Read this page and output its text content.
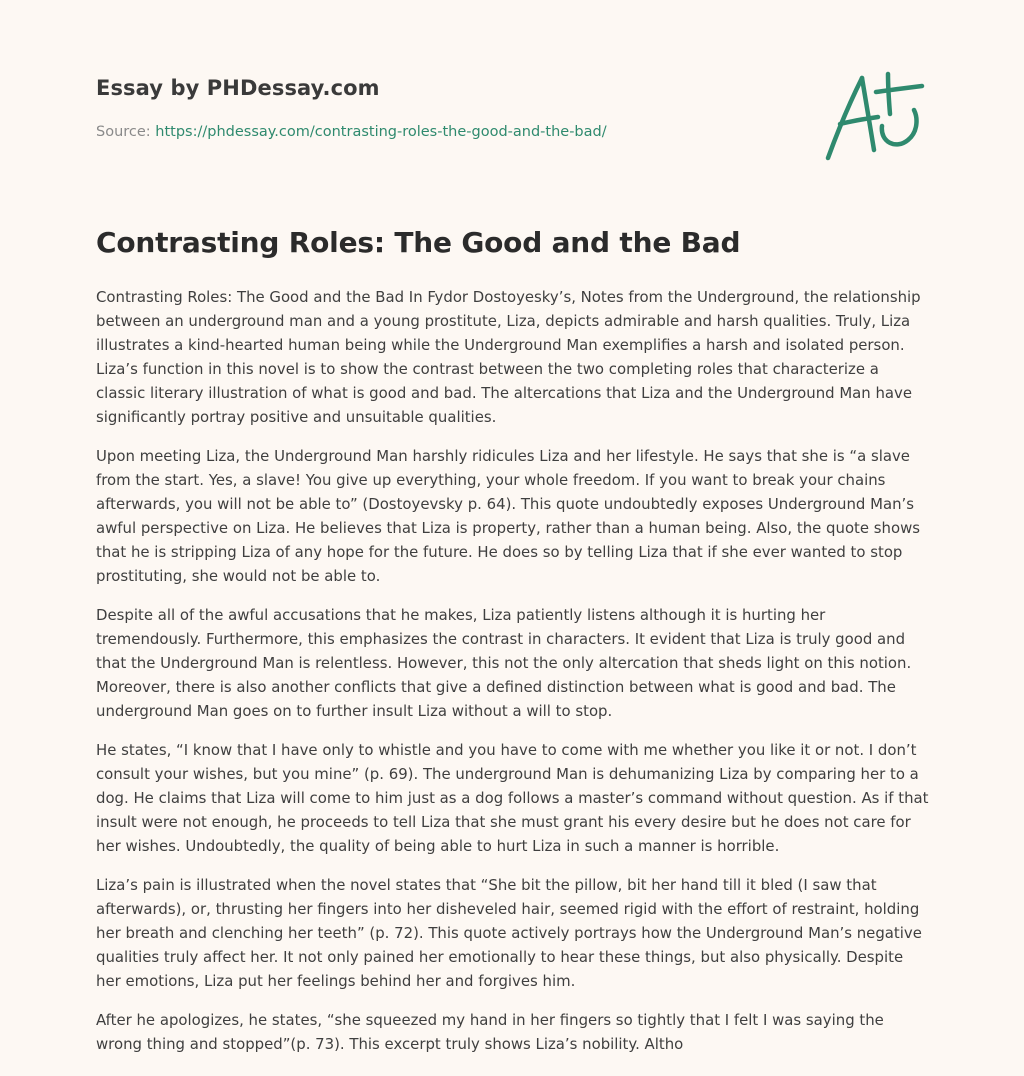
Essay by PHDessay.com
Source: https://phdessay.com/contrasting-roles-the-good-and-the-bad/
Contrasting Roles: The Good and the Bad

Contrasting Roles: The Good and the Bad In Fydor Dostoyesky’s, Notes from the Underground, the relationship between an underground man and a young prostitute, Liza, depicts admirable and harsh qualities. Truly, Liza illustrates a kind-hearted human being while the Underground Man exemplifies a harsh and isolated person. Liza’s function in this novel is to show the contrast between the two completing roles that characterize a classic literary illustration of what is good and bad. The altercations that Liza and the Underground Man have significantly portray positive and unsuitable qualities.

Upon meeting Liza, the Underground Man harshly ridicules Liza and her lifestyle. He says that she is “a slave from the start. Yes, a slave! You give up everything, your whole freedom. If you want to break your chains afterwards, you will not be able to” (Dostoyevsky p. 64). This quote undoubtedly exposes Underground Man’s awful perspective on Liza. He believes that Liza is property, rather than a human being. Also, the quote shows that he is stripping Liza of any hope for the future. He does so by telling Liza that if she ever wanted to stop prostituting, she would not be able to.

Despite all of the awful accusations that he makes, Liza patiently listens although it is hurting her tremendously. Furthermore, this emphasizes the contrast in characters. It evident that Liza is truly good and that the Underground Man is relentless. However, this not the only altercation that sheds light on this notion. Moreover, there is also another conflicts that give a defined distinction between what is good and bad. The underground Man goes on to further insult Liza without a will to stop.

He states, “I know that I have only to whistle and you have to come with me whether you like it or not. I don’t consult your wishes, but you mine” (p. 69). The underground Man is dehumanizing Liza by comparing her to a dog. He claims that Liza will come to him just as a dog follows a master’s command without question. As if that insult were not enough, he proceeds to tell Liza that she must grant his every desire but he does not care for her wishes. Undoubtedly, the quality of being able to hurt Liza in such a manner is horrible.

Liza’s pain is illustrated when the novel states that “She bit the pillow, bit her hand till it bled (I saw that afterwards), or, thrusting her fingers into her disheveled hair, seemed rigid with the effort of restraint, holding her breath and clenching her teeth” (p. 72). This quote actively portrays how the Underground Man’s negative qualities truly affect her. It not only pained her emotionally to hear these things, but also physically. Despite her emotions, Liza put her feelings behind her and forgives him.

After he apologizes, he states, “she squeezed my hand in her fingers so tightly that I felt I was saying the wrong thing and stopped”(p. 73). This excerpt truly shows Liza’s nobility. Altho
